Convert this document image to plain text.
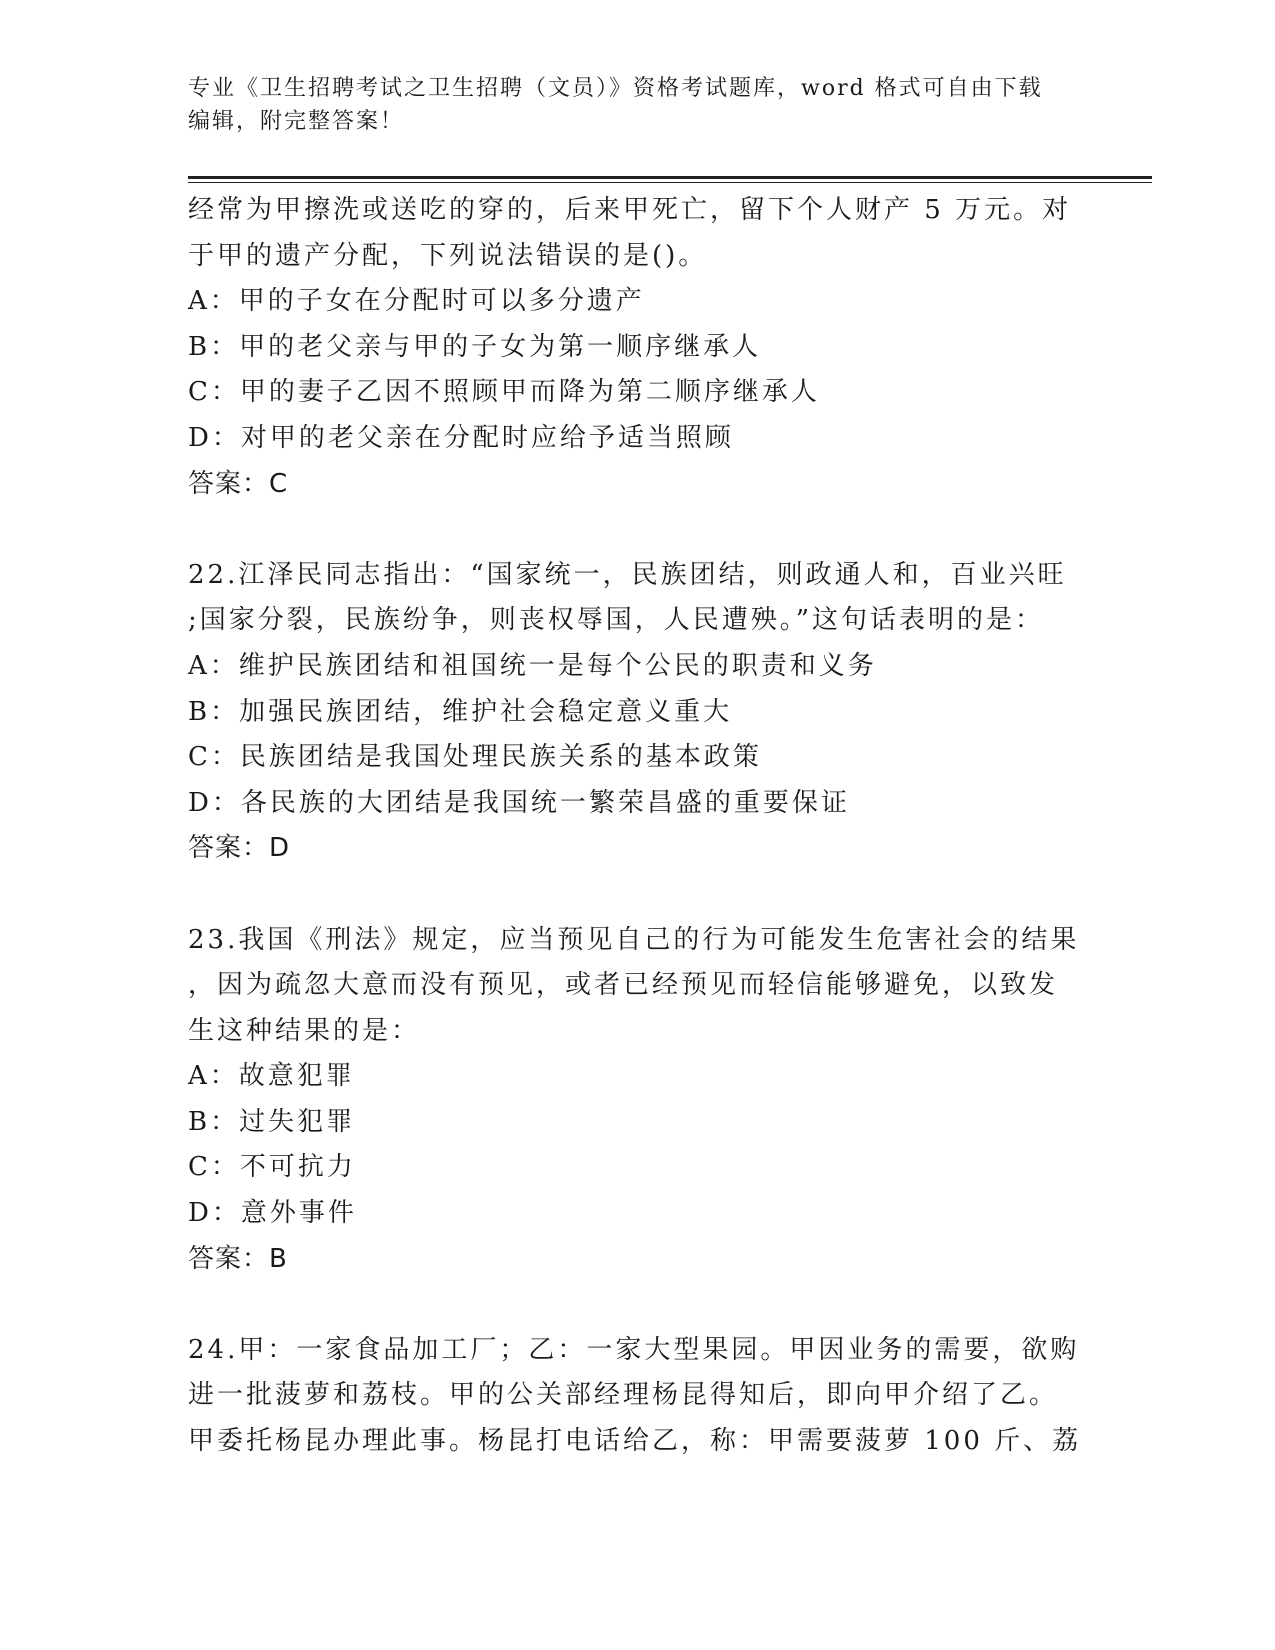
专业《卫生招聘考试之卫生招聘（文员）》资格考试题库，word 格式可自由下载
编辑，附完整答案！
经常为甲擦洗或送吃的穿的，后来甲死亡，留下个人财产 5 万元。对
于甲的遗产分配，下列说法错误的是()。
A：甲的子女在分配时可以多分遗产
B：甲的老父亲与甲的子女为第一顺序继承人
C：甲的妻子乙因不照顾甲而降为第二顺序继承人
D：对甲的老父亲在分配时应给予适当照顾
答案：C
22.江泽民同志指出：“国家统一，民族团结，则政通人和，百业兴旺
;国家分裂，民族纷争，则丧权辱国，人民遭殃。”这句话表明的是：
A：维护民族团结和祖国统一是每个公民的职责和义务
B：加强民族团结，维护社会稳定意义重大
C：民族团结是我国处理民族关系的基本政策
D：各民族的大团结是我国统一繁荣昌盛的重要保证
答案：D
23.我国《刑法》规定，应当预见自己的行为可能发生危害社会的结果
，因为疏忽大意而没有预见，或者已经预见而轻信能够避免，以致发
生这种结果的是：
A：故意犯罪
B：过失犯罪
C：不可抗力
D：意外事件
答案：B
24.甲：一家食品加工厂；乙：一家大型果园。甲因业务的需要，欲购
进一批菠萝和荔枝。甲的公关部经理杨昆得知后，即向甲介绍了乙。
甲委托杨昆办理此事。杨昆打电话给乙，称：甲需要菠萝 100 斤、荔
